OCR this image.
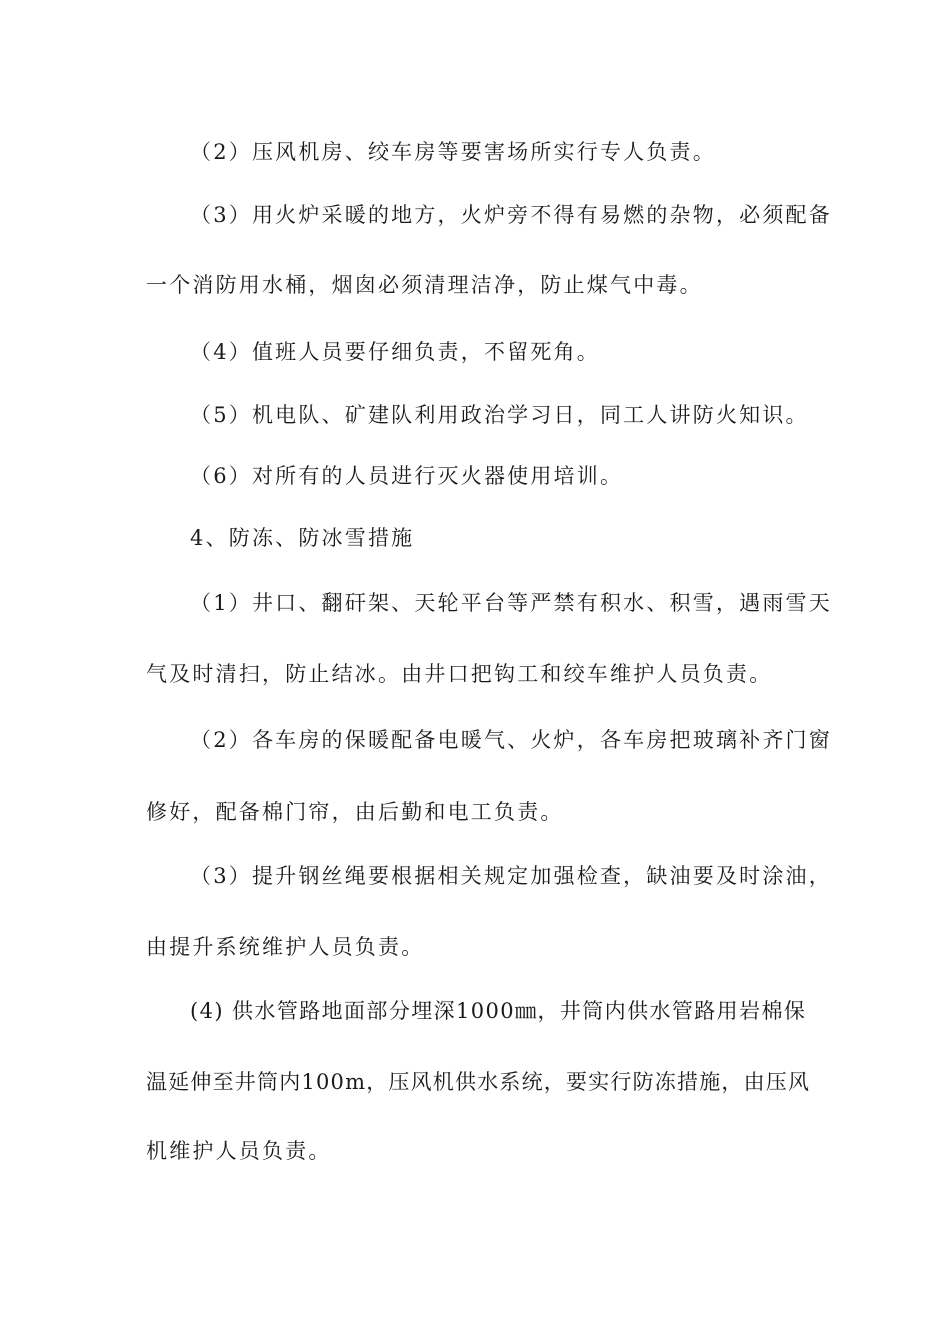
（2）压风机房、绞车房等要害场所实行专人负责。
（3）用火炉采暖的地方，火炉旁不得有易燃的杂物，必须配备
一个消防用水桶，烟囱必须清理洁净，防止煤气中毒。
（4）值班人员要仔细负责，不留死角。
（5）机电队、矿建队利用政治学习日，同工人讲防火知识。
（6）对所有的人员进行灭火器使用培训。
4、防冻、防冰雪措施
（1）井口、翻矸架、天轮平台等严禁有积水、积雪，遇雨雪天
气及时清扫，防止结冰。由井口把钩工和绞车维护人员负责。
（2）各车房的保暖配备电暖气、火炉，各车房把玻璃补齐门窗
修好，配备棉门帘，由后勤和电工负责。
（3）提升钢丝绳要根据相关规定加强检查，缺油要及时涂油，
由提升系统维护人员负责。
(4) 供水管路地面部分埋深1000㎜，井筒内供水管路用岩棉保
温延伸至井筒内100m，压风机供水系统，要实行防冻措施，由压风
机维护人员负责。
